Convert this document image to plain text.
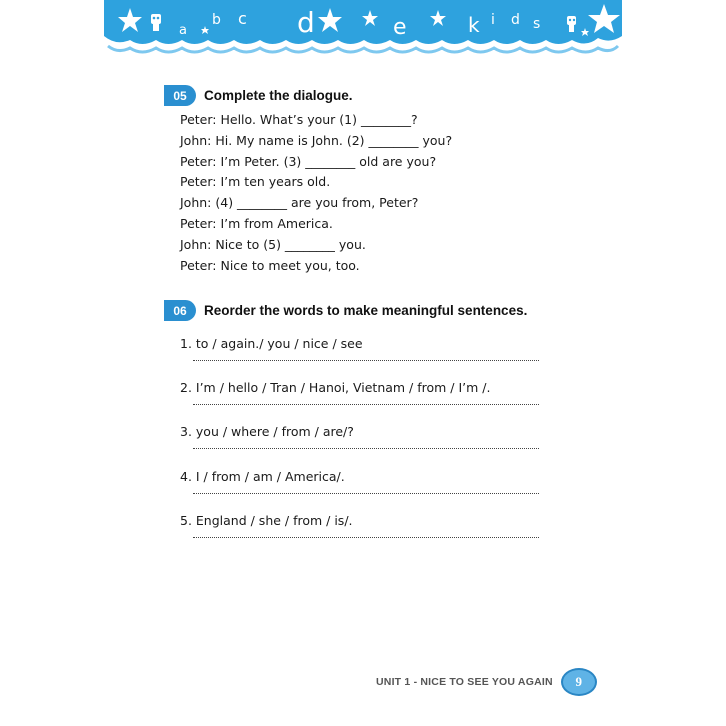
a
b c d	e	k i d s
05	Complete the dialogue.
Peter: Hello. What’s your (1) ________?
John: Hi. My name is John. (2) ________ you?
Peter: I’m Peter. (3) ________ old are you?
Peter: I’m ten years old.
John: (4) ________ are you from, Peter?
Peter: I’m from America.
John: Nice to (5) ________ you.
Peter: Nice to meet you, too.
06	Reorder the words to make meaningful sentences.
1. to / again./ you / nice / see
2. I’m / hello / Tran / Hanoi, Vietnam / from / I’m /.
3. you / where / from / are/?
4. I / from / am / America/.
5. England / she / from / is/.
UNIT 1 - NICE TO SEE YOU AGAIN	9
